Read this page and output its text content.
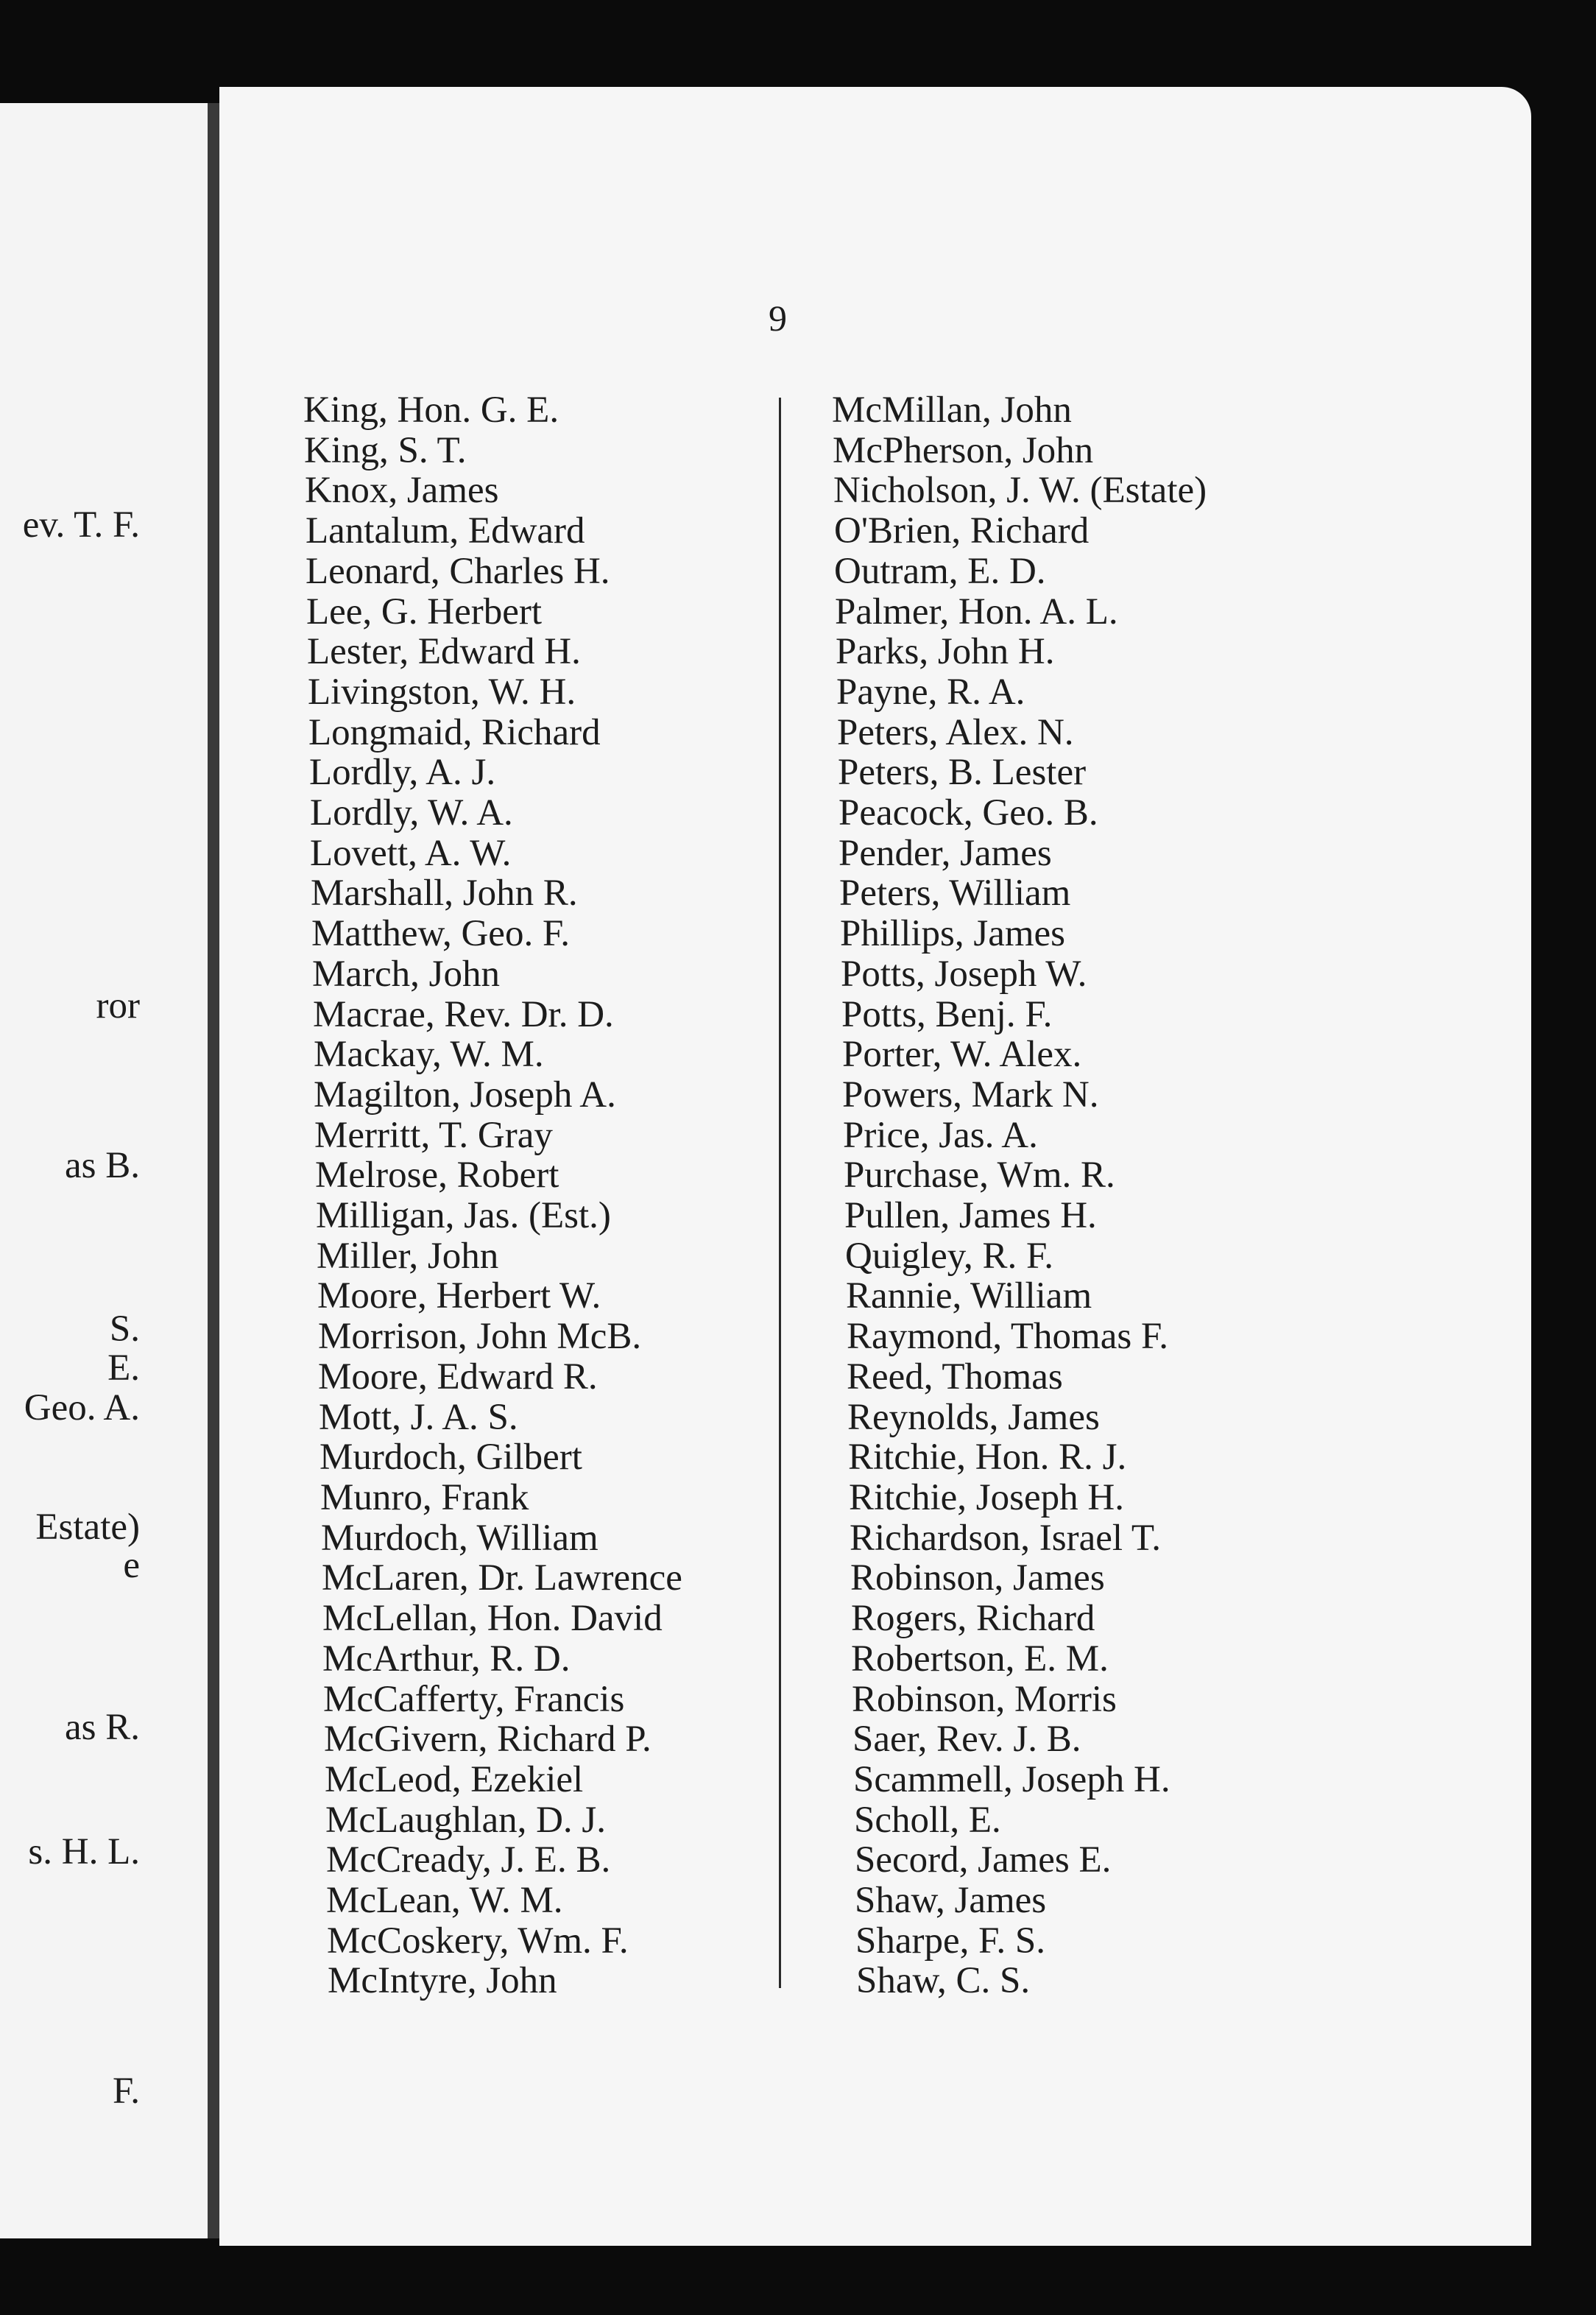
ev. T. F.
ror
as B.
S.
E.
Geo. A.
Estate)
e
as R.
s. H. L.
F.
9
King, Hon. G. E.
King, S. T.
Knox, James
Lantalum, Edward
Leonard, Charles H.
Lee, G. Herbert
Lester, Edward H.
Livingston, W. H.
Longmaid, Richard
Lordly, A. J.
Lordly, W. A.
Lovett, A. W.
Marshall, John R.
Matthew, Geo. F.
March, John
Macrae, Rev. Dr. D.
Mackay, W. M.
Magilton, Joseph A.
Merritt, T. Gray
Melrose, Robert
Milligan, Jas. (Est.)
Miller, John
Moore, Herbert W.
Morrison, John McB.
Moore, Edward R.
Mott, J. A. S.
Murdoch, Gilbert
Munro, Frank
Murdoch, William
McLaren, Dr. Lawrence
McLellan, Hon. David
McArthur, R. D.
McCafferty, Francis
McGivern, Richard P.
McLeod, Ezekiel
McLaughlan, D. J.
McCready, J. E. B.
McLean, W. M.
McCoskery, Wm. F.
McIntyre, John
McMillan, John
McPherson, John
Nicholson, J. W. (Estate)
O'Brien, Richard
Outram, E. D.
Palmer, Hon. A. L.
Parks, John H.
Payne, R. A.
Peters, Alex. N.
Peters, B. Lester
Peacock, Geo. B.
Pender, James
Peters, William
Phillips, James
Potts, Joseph W.
Potts, Benj. F.
Porter, W. Alex.
Powers, Mark N.
Price, Jas. A.
Purchase, Wm. R.
Pullen, James H.
Quigley, R. F.
Rannie, William
Raymond, Thomas F.
Reed, Thomas
Reynolds, James
Ritchie, Hon. R. J.
Ritchie, Joseph H.
Richardson, Israel T.
Robinson, James
Rogers, Richard
Robertson, E. M.
Robinson, Morris
Saer, Rev. J. B.
Scammell, Joseph H.
Scholl, E.
Secord, James E.
Shaw, James
Sharpe, F. S.
Shaw, C. S.
